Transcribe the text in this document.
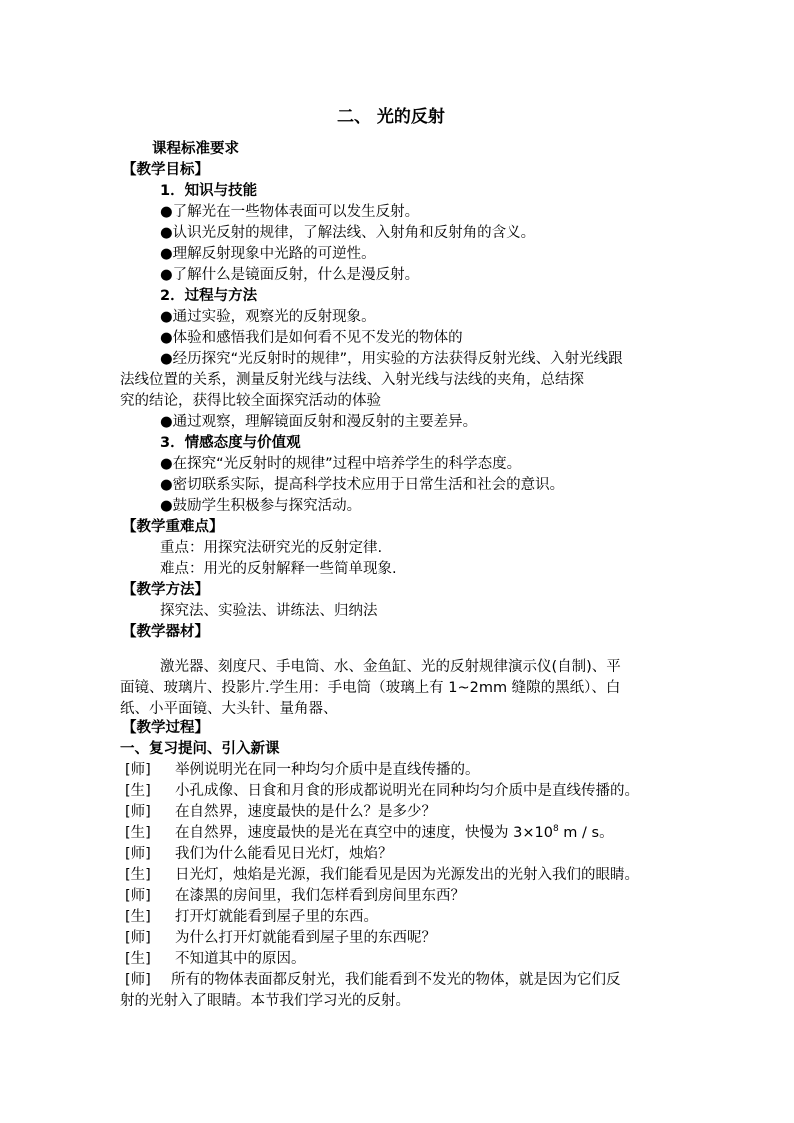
二、 光的反射
课程标准要求
【教学目标】
1．知识与技能
●了解光在一些物体表面可以发生反射。
●认识光反射的规律，了解法线、入射角和反射角的含义。
●理解反射现象中光路的可逆性。
●了解什么是镜面反射，什么是漫反射。
2．过程与方法
●通过实验，观察光的反射现象。
●体验和感悟我们是如何看不见不发光的物体的
●经历探究“光反射时的规律”，用实验的方法获得反射光线、入射光线跟
法线位置的关系，测量反射光线与法线、入射光线与法线的夹角，总结探
究的结论，获得比较全面探究活动的体验
●通过观察，理解镜面反射和漫反射的主要差异。
3．情感态度与价值观
●在探究“光反射时的规律”过程中培养学生的科学态度。
●密切联系实际，提高科学技术应用于日常生活和社会的意识。
●鼓励学生积极参与探究活动。
【教学重难点】
重点：用探究法研究光的反射定律.
难点：用光的反射解释一些简单现象.
【教学方法】
探究法、实验法、讲练法、归纳法
【教学器材】
激光器、刻度尺、手电筒、水、金鱼缸、光的反射规律演示仪(自制)、平
面镜、玻璃片、投影片.学生用：手电筒（玻璃上有 1~2mm 缝隙的黑纸）、白
纸、小平面镜、大头针、量角器、
【教学过程】
一、复习提问、引入新课
[师] 举例说明光在同一种均匀介质中是直线传播的。
[生] 小孔成像、日食和月食的形成都说明光在同种均匀介质中是直线传播的。
[师] 在自然界，速度最快的是什么？是多少？
[生] 在自然界，速度最快的是光在真空中的速度，快慢为 $3\times 10^8$ m / s。
[师] 我们为什么能看见日光灯，烛焰？
[生] 日光灯，烛焰是光源，我们能看见是因为光源发出的光射入我们的眼睛。
[师] 在漆黑的房间里，我们怎样看到房间里东西？
[生] 打开灯就能看到屋子里的东西。
[师] 为什么打开灯就能看到屋子里的东西呢？
[生] 不知道其中的原因。
[师] 所有的物体表面都反射光，我们能看到不发光的物体，就是因为它们反
射的光射入了眼睛。本节我们学习光的反射。
